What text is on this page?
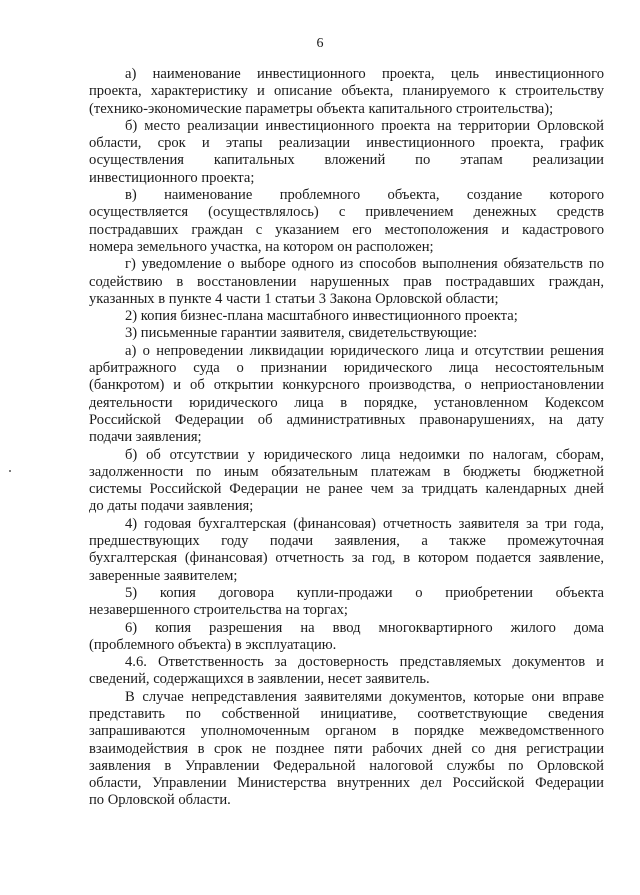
6
а) наименование инвестиционного проекта, цель инвестиционного
проекта, характеристику и описание объекта, планируемого к строительству
(технико-экономические параметры объекта капитального строительства);
б) место реализации инвестиционного проекта на территории Орловской
области, срок и этапы реализации инвестиционного проекта, график
осуществления капитальных вложений по этапам реализации
инвестиционного проекта;
в) наименование проблемного объекта, создание которого
осуществляется (осуществлялось) с привлечением денежных средств
пострадавших граждан с указанием его местоположения и кадастрового
номера земельного участка, на котором он расположен;
г) уведомление о выборе одного из способов выполнения обязательств по
содействию в восстановлении нарушенных прав пострадавших граждан,
указанных в пункте 4 части 1 статьи 3 Закона Орловской области;
2) копия бизнес-плана масштабного инвестиционного проекта;
3) письменные гарантии заявителя, свидетельствующие:
а) о непроведении ликвидации юридического лица и отсутствии решения
арбитражного суда о признании юридического лица несостоятельным
(банкротом) и об открытии конкурсного производства, о неприостановлении
деятельности юридического лица в порядке, установленном Кодексом
Российской Федерации об административных правонарушениях, на дату
подачи заявления;
б) об отсутствии у юридического лица недоимки по налогам, сборам,
задолженности по иным обязательным платежам в бюджеты бюджетной
системы Российской Федерации не ранее чем за тридцать календарных дней
до даты подачи заявления;
4) годовая бухгалтерская (финансовая) отчетность заявителя за три года,
предшествующих году подачи заявления, а также промежуточная
бухгалтерская (финансовая) отчетность за год, в котором подается заявление,
заверенные заявителем;
5) копия договора купли-продажи о приобретении объекта
незавершенного строительства на торгах;
6) копия разрешения на ввод многоквартирного жилого дома
(проблемного объекта) в эксплуатацию.
4.6. Ответственность за достоверность представляемых документов и
сведений, содержащихся в заявлении, несет заявитель.
В случае непредставления заявителями документов, которые они вправе
представить по собственной инициативе, соответствующие сведения
запрашиваются уполномоченным органом в порядке межведомственного
взаимодействия в срок не позднее пяти рабочих дней со дня регистрации
заявления в Управлении Федеральной налоговой службы по Орловской
области, Управлении Министерства внутренних дел Российской Федерации
по Орловской области.
